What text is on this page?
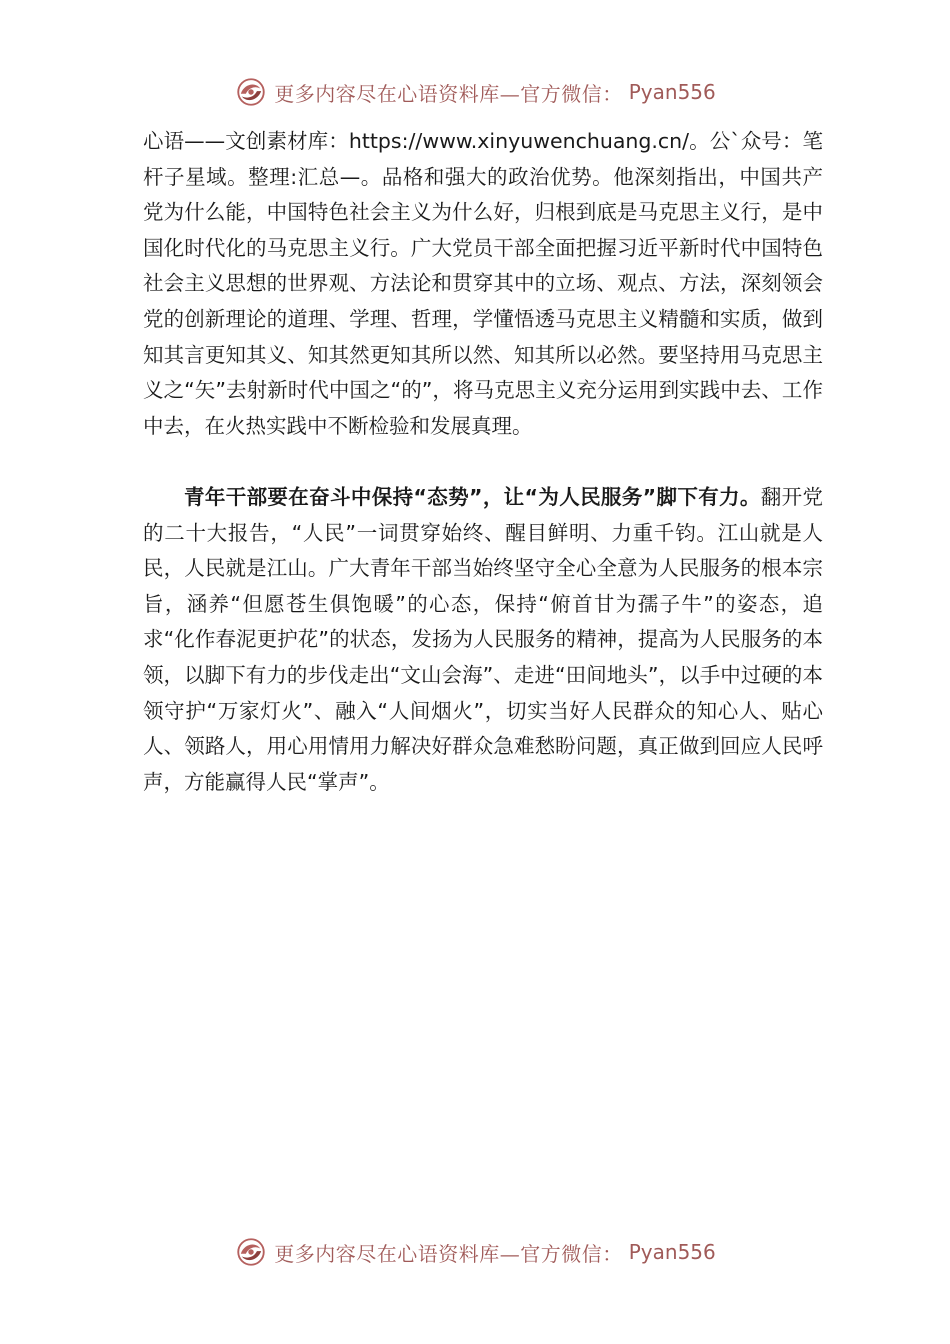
更多内容尽在心语资料库—官方微信： Pyan556

心语——文创素材库：https://www.xinyuwenchuang.cn/。公`众号：笔杆子星域。整理:汇总—。品格和强大的政治优势。他深刻指出，中国共产党为什么能，中国特色社会主义为什么好，归根到底是马克思主义行，是中国化时代化的马克思主义行。广大党员干部全面把握习近平新时代中国特色社会主义思想的世界观、方法论和贯穿其中的立场、观点、方法，深刻领会党的创新理论的道理、学理、哲理，学懂悟透马克思主义精髓和实质，做到知其言更知其义、知其然更知其所以然、知其所以必然。要坚持用马克思主义之“矢”去射新时代中国之“的”，将马克思主义充分运用到实践中去、工作中去，在火热实践中不断检验和发展真理。

青年干部要在奋斗中保持“态势”，让“为人民服务”脚下有力。翻开党的二十大报告，“人民”一词贯穿始终、醒目鲜明、力重千钧。江山就是人民，人民就是江山。广大青年干部当始终坚守全心全意为人民服务的根本宗旨，涵养“但愿苍生俱饱暖”的心态，保持“俯首甘为孺子牛”的姿态，追求“化作春泥更护花”的状态，发扬为人民服务的精神，提高为人民服务的本领，以脚下有力的步伐走出“文山会海”、走进“田间地头”，以手中过硬的本领守护“万家灯火”、融入“人间烟火”，切实当好人民群众的知心人、贴心人、领路人，用心用情用力解决好群众急难愁盼问题，真正做到回应人民呼声，方能赢得人民“掌声”。

更多内容尽在心语资料库—官方微信： Pyan556
